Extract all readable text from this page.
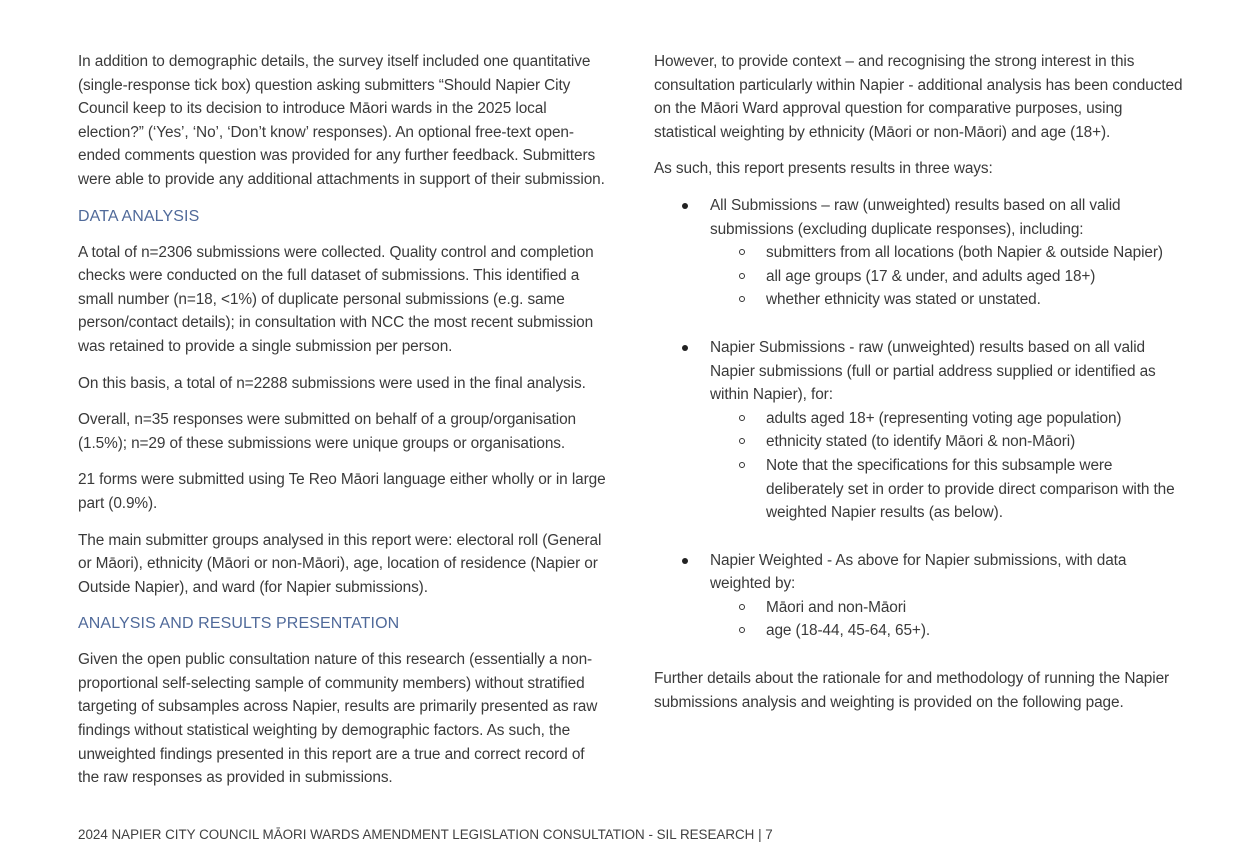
In addition to demographic details, the survey itself included one quantitative (single-response tick box) question asking submitters “Should Napier City Council keep to its decision to introduce Māori wards in the 2025 local election?” (‘Yes’, ‘No’, ‘Don’t know’ responses). An optional free-text open-ended comments question was provided for any further feedback. Submitters were able to provide any additional attachments in support of their submission.

DATA ANALYSIS

A total of n=2306 submissions were collected. Quality control and completion checks were conducted on the full dataset of submissions. This identified a small number (n=18, <1%) of duplicate personal submissions (e.g. same person/contact details); in consultation with NCC the most recent submission was retained to provide a single submission per person.

On this basis, a total of n=2288 submissions were used in the final analysis.

Overall, n=35 responses were submitted on behalf of a group/organisation (1.5%); n=29 of these submissions were unique groups or organisations.

21 forms were submitted using Te Reo Māori language either wholly or in large part (0.9%).

The main submitter groups analysed in this report were: electoral roll (General or Māori), ethnicity (Māori or non-Māori), age, location of residence (Napier or Outside Napier), and ward (for Napier submissions).

ANALYSIS AND RESULTS PRESENTATION

Given the open public consultation nature of this research (essentially a non-proportional self-selecting sample of community members) without stratified targeting of subsamples across Napier, results are primarily presented as raw findings without statistical weighting by demographic factors. As such, the unweighted findings presented in this report are a true and correct record of the raw responses as provided in submissions.

However, to provide context – and recognising the strong interest in this consultation particularly within Napier - additional analysis has been conducted on the Māori Ward approval question for comparative purposes, using statistical weighting by ethnicity (Māori or non-Māori) and age (18+).

As such, this report presents results in three ways:

All Submissions – raw (unweighted) results based on all valid submissions (excluding duplicate responses), including:
submitters from all locations (both Napier & outside Napier)
all age groups (17 & under, and adults aged 18+)
whether ethnicity was stated or unstated.
Napier Submissions - raw (unweighted) results based on all valid Napier submissions (full or partial address supplied or identified as within Napier), for:
adults aged 18+ (representing voting age population)
ethnicity stated (to identify Māori & non-Māori)
Note that the specifications for this subsample were deliberately set in order to provide direct comparison with the weighted Napier results (as below).
Napier Weighted - As above for Napier submissions, with data weighted by:
Māori and non-Māori
age (18-44, 45-64, 65+).

Further details about the rationale for and methodology of running the Napier submissions analysis and weighting is provided on the following page.

2024 NAPIER CITY COUNCIL MĀORI WARDS AMENDMENT LEGISLATION CONSULTATION - SIL RESEARCH | 7
